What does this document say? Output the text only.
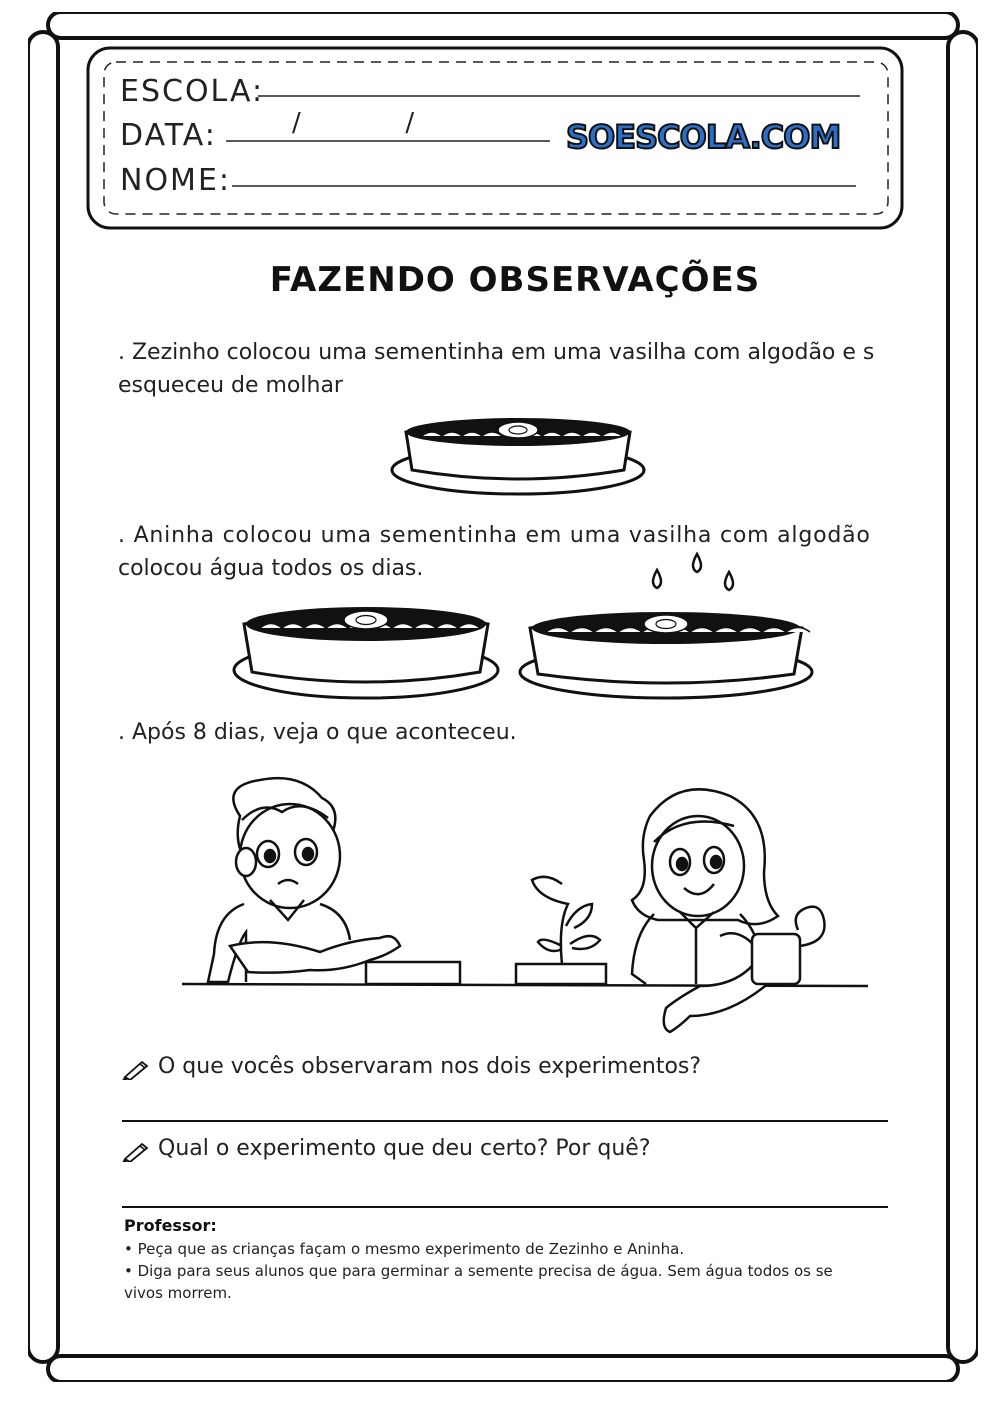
ESCOLA:
DATA:	/          /
NOME:
SOESCOLA.COM
FAZENDO OBSERVAÇÕES
. Zezinho colocou uma sementinha em uma vasilha com algodão e s
esqueceu de molhar
. Aninha colocou uma sementinha em uma vasilha com algodão
colocou água todos os dias.
. Após 8 dias, veja o que aconteceu.
O que vocês observaram nos dois experimentos?
Qual o experimento que deu certo? Por quê?
Professor:
• Peça que as crianças façam o mesmo experimento de Zezinho e Aninha.
• Diga para seus alunos que para germinar a semente precisa de água. Sem água todos os se
vivos morrem.
